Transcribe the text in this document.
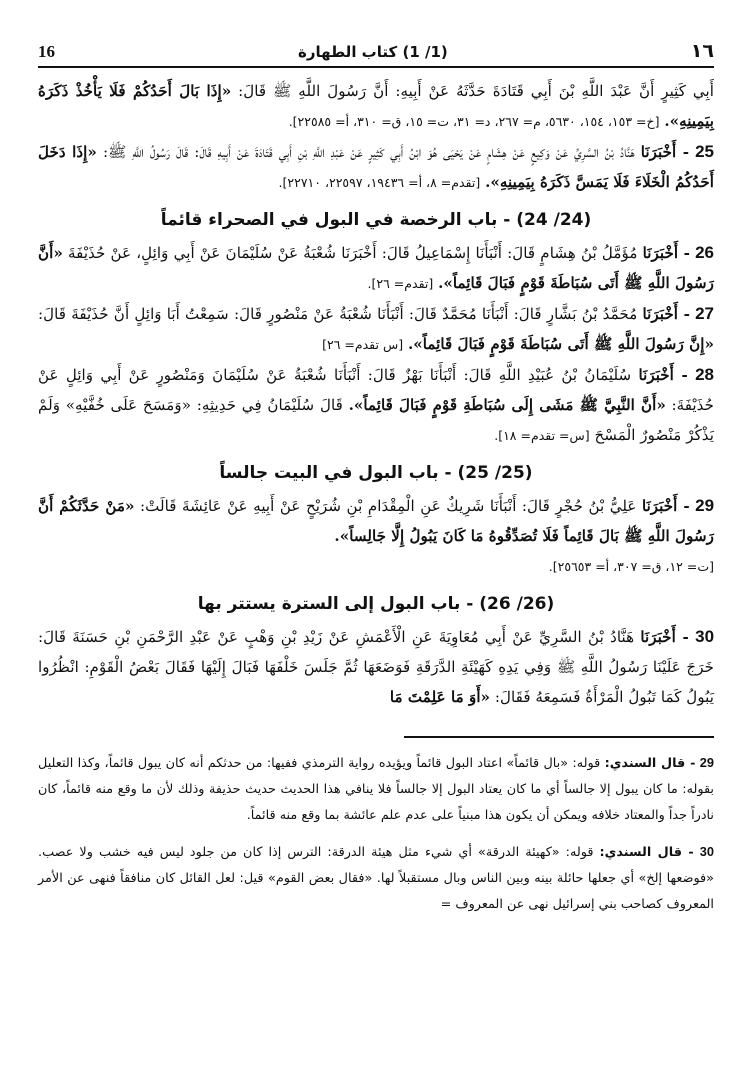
16	(1/ 1) كتاب الطهارة	١٦

أَبِي كَثِيرٍ أَنَّ عَبْدَ اللَّهِ بْنَ أَبِي قَتَادَةَ حَدَّثَهُ عَنْ أَبِيهِ: أَنَّ رَسُولَ اللَّهِ ﷺ قَالَ: «إِذَا بَالَ أَحَدُكُمْ فَلَا يَأْخُذْ ذَكَرَهُ بِيَمِينِهِ». [خ= ١٥٣، ١٥٤، ٥٦٣٠، م= ٢٦٧، د= ٣١، ت= ١٥، ق= ٣١٠، أ= ٢٢٥٨٥].

25 - أَخْبَرَنَا هَنَّادُ بْنُ السَّرِيِّ عَنْ وَكِيعٍ عَنْ هِشَامٍ عَنْ يَحْيَى هُوَ ابْنُ أَبِي كَثِيرٍ عَنْ عَبْدِ اللَّهِ بْنِ أَبِي قَتَادَةَ عَنْ أَبِيهِ قَالَ: قَالَ رَسُولُ اللَّهِ ﷺ: «إِذَا دَخَلَ أَحَدُكُمُ الْخَلَاءَ فَلَا يَمَسَّ ذَكَرَهُ بِيَمِينِهِ». [تقدم= ٨، أ= ١٩٤٣٦، ٢٢٥٩٧، ٢٢٧١٠].

(24/ 24) - باب الرخصة في البول في الصحراء قائماً

26 - أَخْبَرَنَا مُؤَمَّلُ بْنُ هِشَامٍ قَالَ: أَنْبَأَنَا إِسْمَاعِيلُ قَالَ: أَخْبَرَنَا شُعْبَةُ عَنْ سُلَيْمَانَ عَنْ أَبِي وَائِلٍ، عَنْ حُذَيْفَةَ «أَنَّ رَسُولَ اللَّهِ ﷺ أَتَى سُبَاطَةَ قَوْمٍ فَبَالَ قَائِماً». [تقدم= ٢٦].

27 - أَخْبَرَنَا مُحَمَّدُ بْنُ بَشَّارٍ قَالَ: أَنْبَأَنَا مُحَمَّدٌ قَالَ: أَنْبَأَنَا شُعْبَةُ عَنْ مَنْصُورٍ قَالَ: سَمِعْتُ أَبَا وَائِلٍ أَنَّ حُذَيْفَةَ قَالَ: «إِنَّ رَسُولَ اللَّهِ ﷺ أَتَى سُبَاطَةَ قَوْمٍ فَبَالَ قَائِماً». [س تقدم= ٢٦]

28 - أَخْبَرَنَا سُلَيْمَانُ بْنُ عُبَيْدِ اللَّهِ قَالَ: أَنْبَأَنَا بَهْزٌ قَالَ: أَنْبَأَنَا شُعْبَةُ عَنْ سُلَيْمَانَ وَمَنْصُورٍ عَنْ أَبِي وَائِلٍ عَنْ حُذَيْفَةَ: «أَنَّ النَّبِيَّ ﷺ مَشَى إِلَى سُبَاطَةِ قَوْمٍ فَبَالَ قَائِماً». قَالَ سُلَيْمَانُ فِي حَدِيثِهِ: «وَمَسَحَ عَلَى خُفَّيْهِ» وَلَمْ يَذْكُرْ مَنْصُورٌ الْمَسْحَ [س= تقدم= ١٨].

(25/ 25) - باب البول في البيت جالساً

29 - أَخْبَرَنَا عَلِيُّ بْنُ حُجْرٍ قَالَ: أَنْبَأَنَا شَرِيكٌ عَنِ الْمِقْدَامِ بْنِ شُرَيْحٍ عَنْ أَبِيهِ عَنْ عَائِشَةَ قَالَتْ: «مَنْ حَدَّثَكُمْ أَنَّ رَسُولَ اللَّهِ ﷺ بَالَ قَائِماً فَلَا تُصَدِّقُوهُ مَا كَانَ يَبُولُ إِلَّا جَالِساً».
[ت= ١٢، ق= ٣٠٧، أ= ٢٥٦٥٣].

(26/ 26) - باب البول إلى السترة يستتر بها

30 - أَخْبَرَنَا هَنَّادُ بْنُ السَّرِيِّ عَنْ أَبِي مُعَاوِيَةَ عَنِ الْأَعْمَشِ عَنْ زَيْدِ بْنِ وَهْبٍ عَنْ عَبْدِ الرَّحْمَنِ بْنِ حَسَنَةَ قَالَ: خَرَجَ عَلَيْنَا رَسُولُ اللَّهِ ﷺ وَفِي يَدِهِ كَهَيْئَةِ الدَّرَقَةِ فَوَضَعَهَا ثُمَّ جَلَسَ خَلْفَهَا فَبَالَ إِلَيْهَا فَقَالَ بَعْضُ الْقَوْمِ: انْظُرُوا يَبُولُ كَمَا تَبُولُ الْمَرْأَةُ فَسَمِعَهُ فَقَالَ: «أَوَ مَا عَلِمْتَ مَا

29 - قال السندي: قوله: «بال قائماً» اعتاد البول قائماً ويؤيده رواية الترمذي ففيها: من حدثكم أنه كان يبول قائماً، وكذا التعليل بقوله: ما كان يبول إلا جالساً أي ما كان يعتاد البول إلا جالساً فلا ينافي هذا الحديث حديث حذيفة وذلك لأن ما وقع منه قائماً، كان نادراً جداً والمعتاد خلافه ويمكن أن يكون هذا مبنياً على عدم علم عائشة بما وقع منه قائماً.

30 - قال السندي: قوله: «كهيئة الدرقة» أي شيء مثل هيئة الدرقة: الترس إذا كان من جلود ليس فيه خشب ولا عصب. «فوضعها إلخ» أي جعلها حائلة بينه وبين الناس وبال مستقبلاً لها. «فقال بعض القوم» قيل: لعل القائل كان منافقاً فنهى عن الأمر المعروف كصاحب بني إسرائيل نهى عن المعروف =
